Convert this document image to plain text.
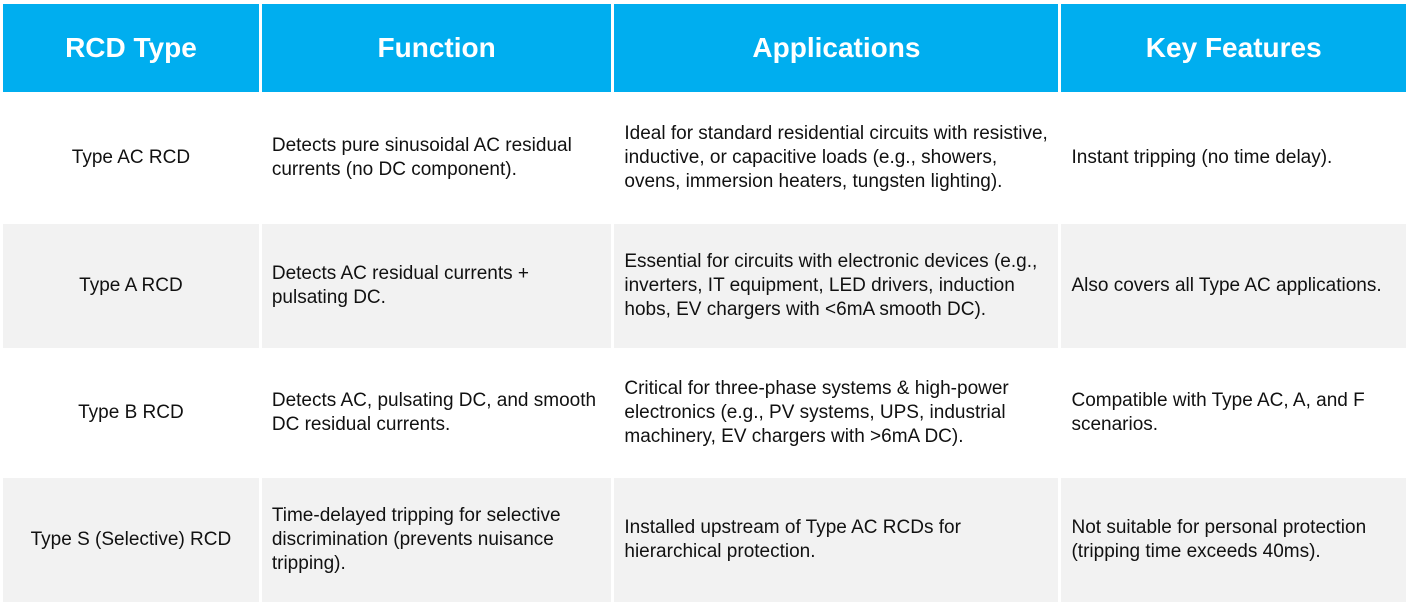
RCD Type	Function	Applications	Key Features
Type AC RCD	Detects pure sinusoidal AC residual currents (no DC component).	Ideal for standard residential circuits with resistive, inductive, or capacitive loads (e.g., showers, ovens, immersion heaters, tungsten lighting).	Instant tripping (no time delay).
Type A RCD	Detects AC residual currents + pulsating DC.	Essential for circuits with electronic devices (e.g., inverters, IT equipment, LED drivers, induction hobs, EV chargers with <6mA smooth DC).	Also covers all Type AC applications.
Type B RCD	Detects AC, pulsating DC, and smooth DC residual currents.	Critical for three-phase systems & high-power electronics (e.g., PV systems, UPS, industrial machinery, EV chargers with >6mA DC).	Compatible with Type AC, A, and F scenarios.
Type S (Selective) RCD	Time-delayed tripping for selective discrimination (prevents nuisance tripping).	Installed upstream of Type AC RCDs for hierarchical protection.	Not suitable for personal protection (tripping time exceeds 40ms).
